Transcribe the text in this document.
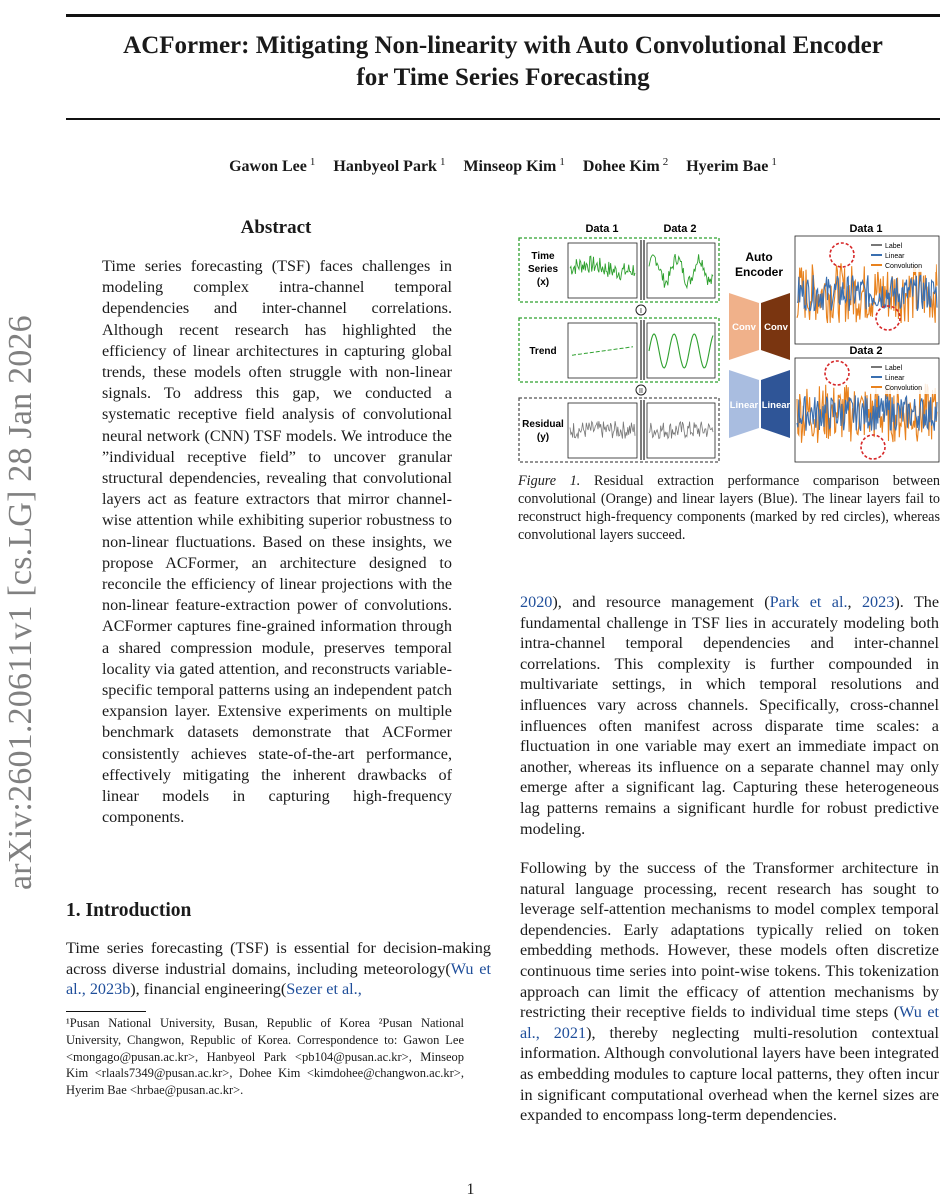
ACFormer: Mitigating Non-linearity with Auto Convolutional Encoder
for Time Series Forecasting
Gawon Lee $^1$ Hanbyeol Park $^1$ Minseop Kim $^1$ Dohee Kim $^2$ Hyerim Bae $^1$
arXiv:2601.20611v1 [cs.LG] 28 Jan 2026
Abstract

Time series forecasting (TSF) faces challenges in modeling complex intra-channel temporal dependencies and inter-channel correlations. Although recent research has highlighted the efficiency of linear architectures in capturing global trends, these models often struggle with non-linear signals. To address this gap, we conducted a systematic receptive field analysis of convolutional neural network (CNN) TSF models. We introduce the ”individual receptive field” to uncover granular structural dependencies, revealing that convolutional layers act as feature extractors that mirror channel-wise attention while exhibiting superior robustness to non-linear fluctuations. Based on these insights, we propose ACFormer, an architecture designed to reconcile the efficiency of linear projections with the non-linear feature-extraction power of convolutions. ACFormer captures fine-grained information through a shared compression module, preserves temporal locality via gated attention, and reconstructs variable-specific temporal patterns using an independent patch expansion layer. Extensive experiments on multiple benchmark datasets demonstrate that ACFormer consistently achieves state-of-the-art performance, effectively mitigating the inherent drawbacks of linear models in capturing high-frequency components.

1. Introduction

Time series forecasting (TSF) is essential for decision-making across diverse industrial domains, including meteorology(Wu et al., 2023b), financial engineering(Sezer et al.,

¹Pusan National University, Busan, Republic of Korea ²Pusan National University, Changwon, Republic of Korea. Correspondence to: Gawon Lee <mongago@pusan.ac.kr>, Hanbyeol Park <pb104@pusan.ac.kr>, Minseop Kim <rlaals7349@pusan.ac.kr>, Dohee Kim <kimdohee@changwon.ac.kr>, Hyerim Bae <hrbae@pusan.ac.kr>.

Data 1	Data 2
Time
Series
(x)
I
Trend
II
Residual
(y)
Auto
Encoder
Conv Conv
Linear Linear
Data 1
Label
Linear
Convolution
Data 2
Label
Linear
Convolution

Figure 1. Residual extraction performance comparison between convolutional (Orange) and linear layers (Blue). The linear layers fail to reconstruct high-frequency components (marked by red circles), whereas convolutional layers succeed.

2020), and resource management (Park et al., 2023). The fundamental challenge in TSF lies in accurately modeling both intra-channel temporal dependencies and inter-channel correlations. This complexity is further compounded in multivariate settings, in which temporal resolutions and influences vary across channels. Specifically, cross-channel influences often manifest across disparate time scales: a fluctuation in one variable may exert an immediate impact on another, whereas its influence on a separate channel may only emerge after a significant lag. Capturing these heterogeneous lag patterns remains a significant hurdle for robust predictive modeling.

Following by the success of the Transformer architecture in natural language processing, recent research has sought to leverage self-attention mechanisms to model complex temporal dependencies. Early adaptations typically relied on token embedding methods. However, these models often discretize continuous time series into point-wise tokens. This tokenization approach can limit the efficacy of attention mechanisms by restricting their receptive fields to individual time steps (Wu et al., 2021), thereby neglecting multi-resolution contextual information. Although convolutional layers have been integrated as embedding modules to capture local patterns, they often incur in significant computational overhead when the kernel sizes are expanded to encompass long-term dependencies.

1
